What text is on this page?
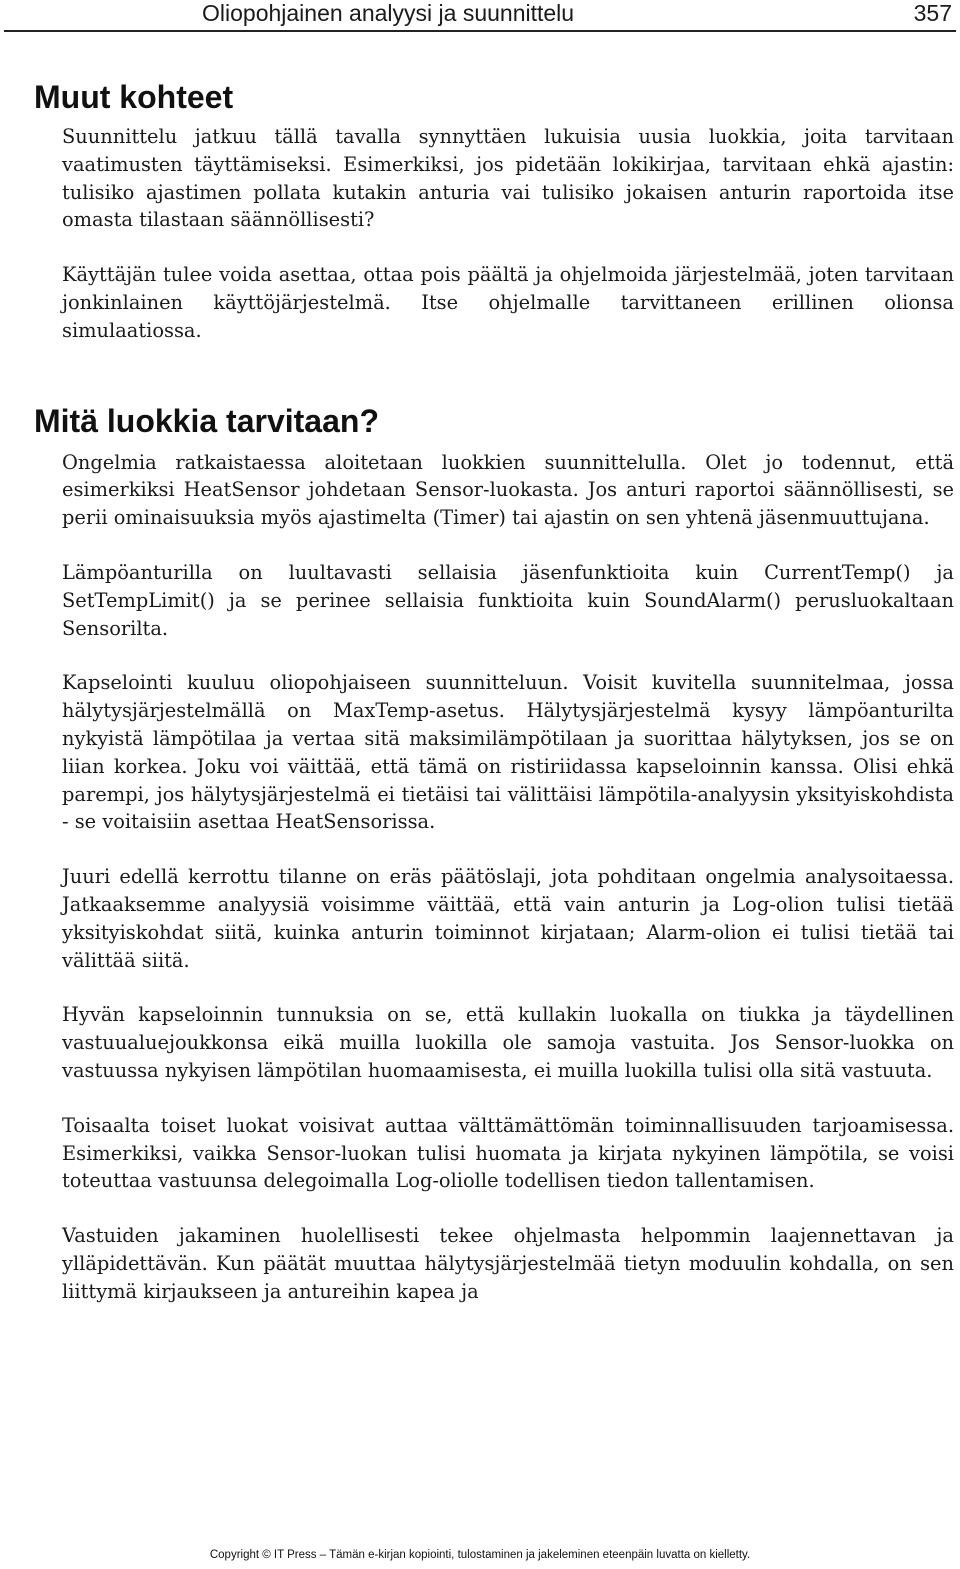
Oliopohjainen analyysi ja suunnittelu	357
Muut kohteet

Suunnittelu jatkuu tällä tavalla synnyttäen lukuisia uusia luokkia, joita tarvitaan vaatimusten täyttämiseksi. Esimerkiksi, jos pidetään lokikirjaa, tarvitaan ehkä ajastin: tulisiko ajastimen pollata kutakin anturia vai tulisiko jokaisen anturin raportoida itse omasta tilastaan säännöllisesti?

Käyttäjän tulee voida asettaa, ottaa pois päältä ja ohjelmoida järjestelmää, joten tarvitaan jonkinlainen käyttöjärjestelmä. Itse ohjelmalle tarvittaneen erillinen olionsa simulaatiossa.

Mitä luokkia tarvitaan?

Ongelmia ratkaistaessa aloitetaan luokkien suunnittelulla. Olet jo todennut, että esimerkiksi HeatSensor johdetaan Sensor-luokasta. Jos anturi raportoi säännöllisesti, se perii ominaisuuksia myös ajastimelta (Timer) tai ajastin on sen yhtenä jäsenmuuttujana.

Lämpöanturilla on luultavasti sellaisia jäsenfunktioita kuin CurrentTemp() ja SetTempLimit() ja se perinee sellaisia funktioita kuin SoundAlarm() perusluokaltaan Sensorilta.

Kapselointi kuuluu oliopohjaiseen suunnitteluun. Voisit kuvitella suunnitelmaa, jossa hälytysjärjestelmällä on MaxTemp-asetus. Hälytysjärjestelmä kysyy lämpöanturilta nykyistä lämpötilaa ja vertaa sitä maksimilämpötilaan ja suorittaa hälytyksen, jos se on liian korkea. Joku voi väittää, että tämä on ristiriidassa kapseloinnin kanssa. Olisi ehkä parempi, jos hälytysjärjestelmä ei tietäisi tai välittäisi lämpötila-analyysin yksityiskohdista - se voitaisiin asettaa HeatSensorissa.

Juuri edellä kerrottu tilanne on eräs päätöslaji, jota pohditaan ongelmia analysoitaessa. Jatkaaksemme analyysiä voisimme väittää, että vain anturin ja Log-olion tulisi tietää yksityiskohdat siitä, kuinka anturin toiminnot kirjataan; Alarm-olion ei tulisi tietää tai välittää siitä.

Hyvän kapseloinnin tunnuksia on se, että kullakin luokalla on tiukka ja täydellinen vastuualuejoukkonsa eikä muilla luokilla ole samoja vastuita. Jos Sensor-luokka on vastuussa nykyisen lämpötilan huomaamisesta, ei muilla luokilla tulisi olla sitä vastuuta.

Toisaalta toiset luokat voisivat auttaa välttämättömän toiminnallisuuden tarjoamisessa. Esimerkiksi, vaikka Sensor-luokan tulisi huomata ja kirjata nykyinen lämpötila, se voisi toteuttaa vastuunsa delegoimalla Log-oliolle todellisen tiedon tallentamisen.

Vastuiden jakaminen huolellisesti tekee ohjelmasta helpommin laajennettavan ja ylläpidettävän. Kun päätät muuttaa hälytysjärjestelmää tietyn moduulin kohdalla, on sen liittymä kirjaukseen ja antureihin kapea ja

Copyright © IT Press – Tämän e-kirjan kopiointi, tulostaminen ja jakeleminen eteenpäin luvatta on kielletty.
